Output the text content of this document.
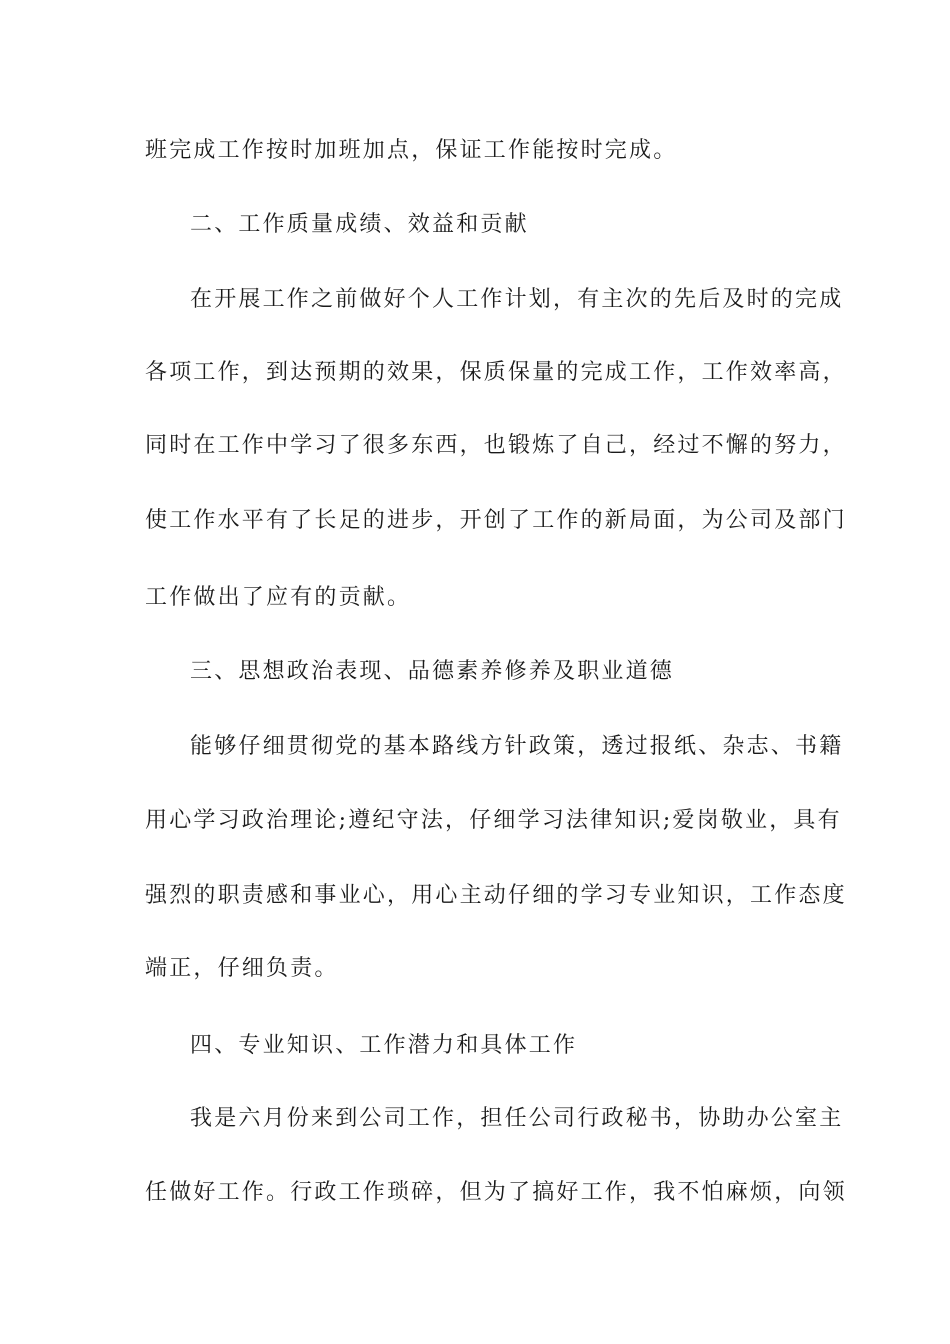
班完成工作按时加班加点，保证工作能按时完成。
二、工作质量成绩、效益和贡献
在开展工作之前做好个人工作计划，有主次的先后及时的完成
各项工作，到达预期的效果，保质保量的完成工作，工作效率高，
同时在工作中学习了很多东西，也锻炼了自己，经过不懈的努力，
使工作水平有了长足的进步，开创了工作的新局面，为公司及部门
工作做出了应有的贡献。
三、思想政治表现、品德素养修养及职业道德
能够仔细贯彻党的基本路线方针政策，透过报纸、杂志、书籍
用心学习政治理论;遵纪守法，仔细学习法律知识;爱岗敬业，具有
强烈的职责感和事业心，用心主动仔细的学习专业知识，工作态度
端正，仔细负责。
四、专业知识、工作潜力和具体工作
我是六月份来到公司工作，担任公司行政秘书，协助办公室主
任做好工作。行政工作琐碎，但为了搞好工作，我不怕麻烦，向领
